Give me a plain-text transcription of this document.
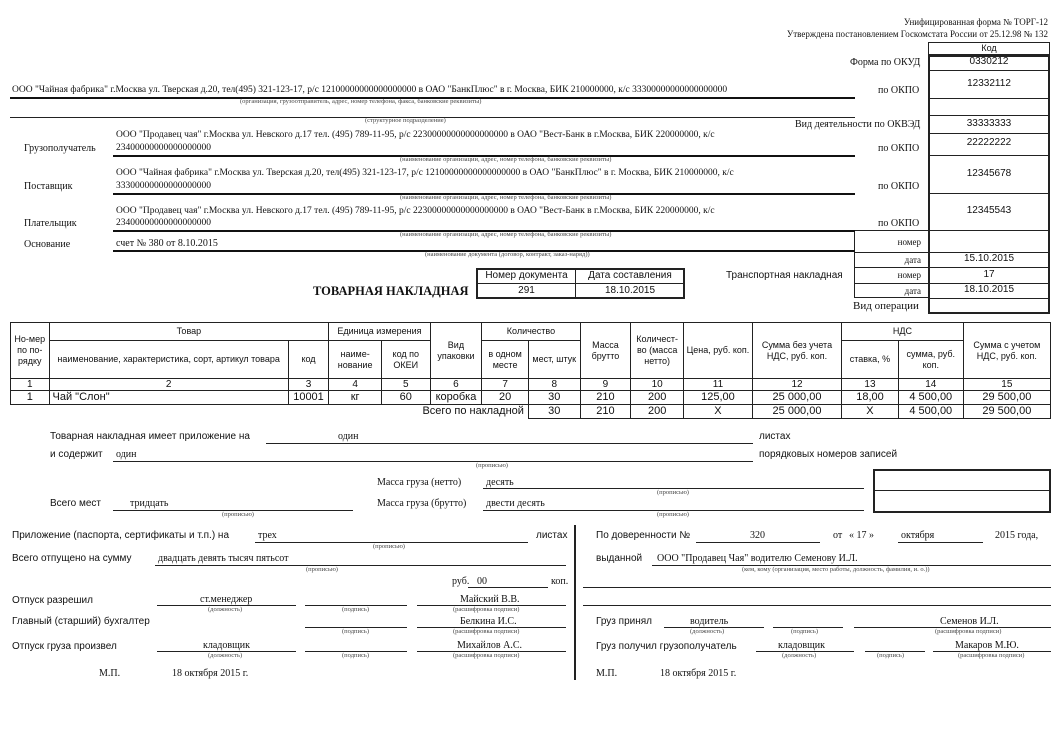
Унифицированная форма № ТОРГ-12
Утверждена постановлением Госкомстата России от 25.12.98 № 132
Код
Форма по ОКУД	0330212
по ОКПО
12332112
Вид деятельности по ОКВЭД	33333333
по ОКПО
22222222
по ОКПО
12345678
по ОКПО
12345543
номер
дата	15.10.2015
Транспортная накладная	номер	17
дата	18.10.2015
Вид операции
ООО "Чайная фабрика" г.Москва ул. Тверская д.20, тел(495) 321-123-17, р/с 12100000000000000000 в ОАО "БанкПлюс" в г. Москва, БИК 210000000, к/с 33300000000000000000
(организация, грузоотправитель, адрес, номер телефона, факса, банковские реквизиты)
(структурное подразделение)
Грузополучатель
ООО "Продавец чая" г.Москва ул. Невского д.17 тел. (495) 789-11-95, р/с 22300000000000000000 в ОАО "Вест-Банк в г.Москва, БИК 220000000, к/с
23400000000000000000
(наименование организации, адрес, номер телефона, банковские реквизиты)
Поставщик
ООО "Чайная фабрика" г.Москва ул. Тверская д.20, тел(495) 321-123-17, р/с 12100000000000000000 в ОАО "БанкПлюс" в г. Москва, БИК 210000000, к/с
33300000000000000000
(наименование организации, адрес, номер телефона, банковские реквизиты)
Плательщик
ООО "Продавец чая" г.Москва ул. Невского д.17 тел. (495) 789-11-95, р/с 22300000000000000000 в ОАО "Вест-Банк в г.Москва, БИК 220000000, к/с
23400000000000000000
(наименование организации, адрес, номер телефона, банковские реквизиты)
Основание	счет № 380 от 8.10.2015
(наименование документа (договор, контракт, заказ-наряд))
ТОВАРНАЯ НАКЛАДНАЯ
Номер документа	Дата составления
291	18.10.2015
Но-мер по по-рядку	Товар		Единица измерения		Вид упаковки	Количество		Масса брутто	Количест-во (масса нетто)	Цена, руб. коп.	Сумма без учета НДС, руб. коп.	НДС		Сумма с учетом НДС, руб. коп.
	наименование, характеристика, сорт, артикул товара	код	наиме-нование	код по ОКЕИ		в одном месте	мест, штук					ставка, %	сумма, руб. коп.	
1	2	3	4	5	6	7	8	9	10	11	12	13	14	15
1	Чай "Слон"	10001	кг	60	коробка	20	30	210	200	125,00	25 000,00	18,00	4 500,00	29 500,00
Всего по накладной							30	210	200	X	25 000,00	X	4 500,00	29 500,00
Товарная накладная имеет приложение на	один	листах
и содержит один
(прописью)
порядковых номеров записей
Масса груза (нетто) десять
(прописью)
Всего мест	тридцать
(прописью)
Масса груза (брутто) двести десять
(прописью)
Приложение (паспорта, сертификаты и т.п.) на	трех
(прописью)
листах
Всего отпущено на сумму	двадцать девять тысяч пятьсот
(прописью)
руб. 00	коп.
Отпуск разрешил	ст.менеджер	Майский В.В.
(должность)	(подпись)	(расшифровка подписи)
Главный (старший) бухгалтер	Белкина И.С.
(подпись)	(расшифровка подписи)
Отпуск груза произвел	кладовщик	Михайлов А.С.
(должность)	(подпись)	(расшифровка подписи)
М.П.	18 октября 2015 г.
По доверенности №	320	от « 17 »	октября	2015 года,
выданной ООО "Продавец Чая" водителю Семенову И.Л.
(кем, кому (организация, место работы, должность, фамилия, и. о.))
Груз принял	водитель	Семенов И.Л.
(должность)	(подпись)	(расшифровка подписи)
Груз получил грузополучатель	кладовщик	Макаров М.Ю.
(должность)	(подпись)	(расшифровка подписи)
М.П.	18 октября 2015 г.
